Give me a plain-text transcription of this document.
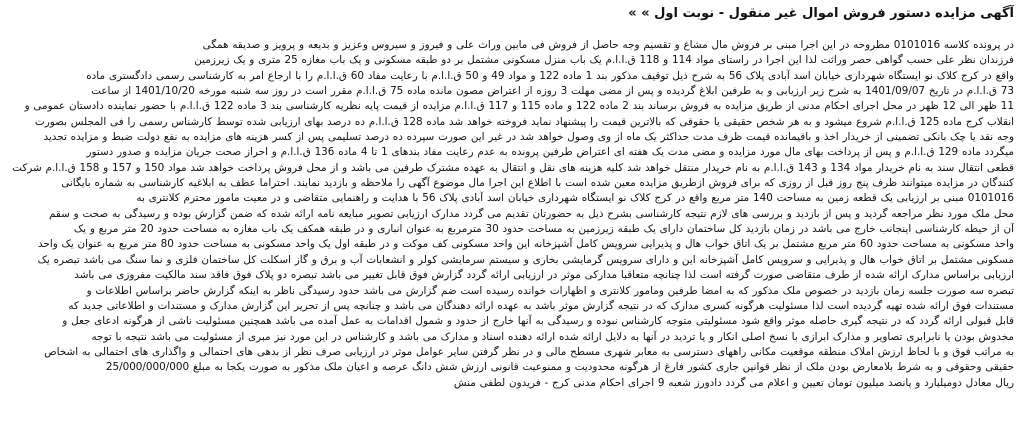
آگهی مزایده دستور فروش اموال غیر منقول - نوبت اول » »
در پرونده کلاسه 0101016 مطروحه در این اجرا مبنی بر فروش مال مشاع و تقسیم وجه حاصل از فروش فی مابین وراث علی و فیروز و سیروس وعزیز و بدیعه و پرویز و صدیقه همگی
فرزندان نظر علی حسب گواهی حصر وراثت لذا این اجرا در راستای مواد 114 و 118 ق.ا.ا.م یک باب منزل مسکونی مشتمل بر دو طبقه مسکونی و یک باب مغازه 25 متری و یک زیرزمین
واقع در کرج کلاک نو ایستگاه شهرداری خیابان اسد آبادی پلاک 56 به شرح ذیل توقیف مذکور بند 1 ماده 122 و مواد 49 و 50 ق.ا.ا.م با رعایت مفاد 60 ق.ا.ا.م را با ارجاع امر به کارشناسی رسمی دادگستری ماده
73 ق.ا.ا.م در تاریخ 1401/09/07 به شرح زیر ارزیابی و به طرفین ابلاغ گردیده و پس از مضی مهلت 3 روزه از اعتراض مصون مانده ماده 75 ق.ا.ا.م مقرر است در روز سه شنبه مورخه 1401/10/20 از ساعت
11 ظهر الی 12 ظهر در محل اجرای احکام مدنی از طریق مزایده به فروش برساند بند 2 ماده 122 و ماده 115 و 117 ق.ا.ا.م مزایده از قیمت پایه نظریه کارشناسی بند 3 ماده 122 ق.ا.ا.م با حضور نماینده دادستان عمومی و
انقلاب کرج ماده 125 ق.ا.ا.م شروع میشود و به هر شخص حقیقی یا حقوقی که بالاترین قیمت را پیشنهاد نماید فروخته خواهد شد ماده 128 ق.ا.ا.م ده درصد بهای ارزیابی شده توسط کارشناس رسمی را فی المجلس بصورت
وجه نقد یا چک بانکی تضمینی از خریدار اخذ و باقیمانده قیمت ظرف مدت حداکثر یک ماه از وی وصول خواهد شد در غیر این صورت سپرده ده درصد تسلیمی پس از کسر هزینه های مزایده به نفع دولت ضبط و مزایده تجدید
میگردد ماده 129 ق.ا.ا.م و پس از پرداخت بهای مال مورد مزایده و مضی مدت یک هفته ای اعتراض طرفین پرونده به عدم رعایت مفاد بندهای 1 تا 4 ماده 136 ق.ا.ا.م و احراز صحت جریان مزایده و صدور دستور
قطعی انتقال سند به نام خریدار مواد 134 و 143 ق.ا.ا.م به نام خریدار منتقل خواهد شد کلیه هزینه های نقل و انتقال به عهده مشترک طرفین می باشد و از محل فروش پرداخت خواهد شد مواد 150 و 157 و 158 ق.ا.ا.م شرکت
کنندگان در مزایده میتوانند ظرف پنج روز قبل از روزی که برای فروش ازطریق مزایده معین شده است با اطلاع این اجرا مال موضوع آگهی را ملاحظه و بازدید نمایند. احتراما عطف به ابلاغیه کارشناسی به شماره بایگانی
0101016 مبنی بر ارزیابی یک قطعه زمین به مساحت 140 متر مربع واقع در کرج کلاک نو ایستگاه شهرداری خیابان اسد آبادی پلاک 56 با هدایت و راهنمایی متقاضی و در معیت مامور محترم کلانتری به
محل ملک مورد نظر مراجعه گردید و پس از بازدید و بررسی های لازم نتیجه کارشناسی بشرح ذیل به حضورتان تقدیم می گردد مدارک ارزیابی تصویر مبایعه نامه ارائه شده که ضمن گزارش بوده و رسیدگی به صحت و سقم
آن از حیطه کارشناسی اینجانب خارج می باشد در زمان بازدید کل ساختمان دارای یک طبقه زیرزمین به مساحت حدود 30 مترمربع به عنوان انباری و در طبقه همکف یک باب مغازه به مساحت حدود 20 متر مربع و یک
واحد مسکونی به مساحت حدود 60 متر مربع مشتمل بر یک اتاق خواب هال و پذیرایی سرویس کامل آشپزخانه این واحد مسکونی کف موکت و در طبقه اول یک واحد مسکونی به مساحت حدود 80 متر مربع به عنوان یک واحد
مسکونی مشتمل بر اتاق خواب هال و پذیرایی و سرویس کامل آشپزخانه این و دارای سرویس گرمایشی بخاری و سیستم سرمایشی کولر و انشعابات آب و برق و گاز اسکلت کل ساختمان فلزی و نما سنگ می باشد تبصره یک
ارزیابی براساس مدارک ارائه شده از طرف متقاضی صورت گرفته است لذا چنانچه متعاقبا مدارکی موثر در ارزیابی ارائه گردد گزارش فوق قابل تغییر می باشد تبصره دو پلاک فوق فاقد سند مالکیت مفروزی می باشد
تبصره سه صورت جلسه زمان بازدید در خصوص ملک مذکور که به امضا طرفین ومامور کلانتری و اظهارات خوانده رسیده است ضم گزارش می باشد حدود رسیدگی ناظر به اینکه گزارش حاضر براساس اطلاعات و
مستندات فوق ارائه شده تهیه گردیده است لذا مسئولیت هرگونه کسری مدارک که در نتیجه گزارش موثر باشد به عهده ارائه دهندگان می باشد و چنانچه پس از تحریر این گزارش مدارک و مستندات و اطلاعاتی جدید که
قابل قبولی ارائه گردد که در نتیجه گیری حاصله موثر واقع شود مسئولیتی متوجه کارشناس نبوده و رسیدگی به آنها خارج از حدود و شمول اقدامات به عمل آمده می باشد همچنین مسئولیت ناشی از هرگونه ادعای جعل و
مخدوش بودن یا نابرابری تصاویر و مدارک ابرازی با نسخ اصلی انکار و یا تردید در آنها به دلایل ارائه شده ارائه دهنده اسناد و مدارک می باشد و کارشناس در این مورد نیز مبری از مسئولیت می باشد نتیجه با توجه
به مراتب فوق و با لحاظ ارزش املاک منطقه موقعیت مکانی راههای دسترسی به معابر شهری مسطح مالی و در نظر گرفتن سایر عوامل موثر در ارزیابی صرف نظر از بدهی های احتمالی و واگذاری های احتمالی به اشخاص
حقیقی وحقوقی و به شرط بلامعارض بودن ملک از نظر قوانین جاری کشور فارغ از هرگونه محدودیت و ممنوعیت قانونی ارزش شش دانگ عرصه و اعیان ملک مذکور به صورت یکجا به مبلغ 25/000/000/000
ریال معادل دومیلیارد و پانصد میلیون تومان تعیین و اعلام می گردد دادورز شعبه 9 اجرای احکام مدنی کرج - فریدون لطفی منش
